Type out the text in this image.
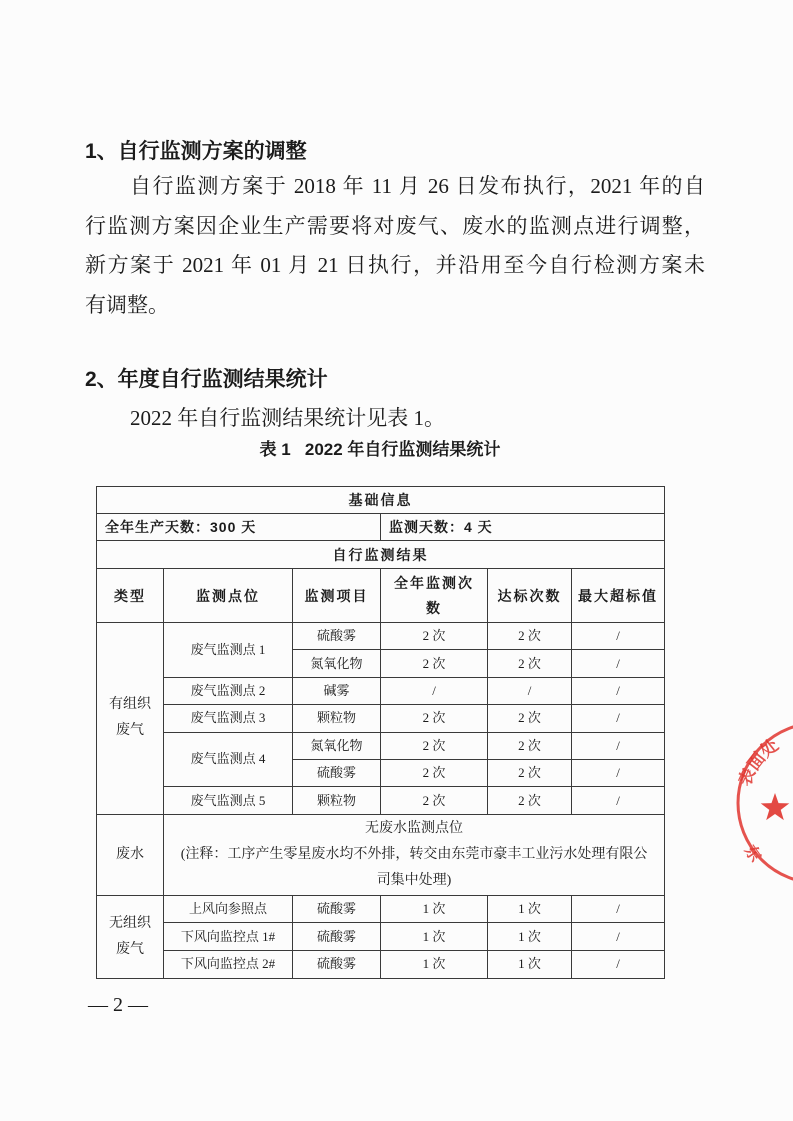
1、自行监测方案的调整
自行监测方案于 2018 年 11 月 26 日发布执行，2021 年的自
行监测方案因企业生产需要将对废气、废水的监测点进行调整，
新方案于 2021 年 01 月 21 日执行，并沿用至今自行检测方案未
有调整。
2、年度自行监测结果统计
2022 年自行监测结果统计见表 1。
表 1   2022 年自行监测结果统计
基础信息					
全年生产天数：300 天			监测天数：4 天		
自行监测结果					
类型	监测点位	监测项目	全年监测次数	达标次数	最大超标值
有组织废气	废气监测点 1	硫酸雾	2 次	2 次	/
		氮氧化物	2 次	2 次	/
	废气监测点 2	碱雾	/	/	/
	废气监测点 3	颗粒物	2 次	2 次	/
	废气监测点 4	氮氧化物	2 次	2 次	/
		硫酸雾	2 次	2 次	/
	废气监测点 5	颗粒物	2 次	2 次	/
废水	无废水监测点位
(注释：工序产生零星废水均不外排，转交由东莞市豪丰工业污水处理有限公司集中处理)				

无组织废气	上风向参照点	硫酸雾	1 次	1 次	/
	下风向监控点 1#	硫酸雾	1 次	1 次	/
	下风向监控点 2#	硫酸雾	1 次	1 次	/
— 2 —
表面处
东
